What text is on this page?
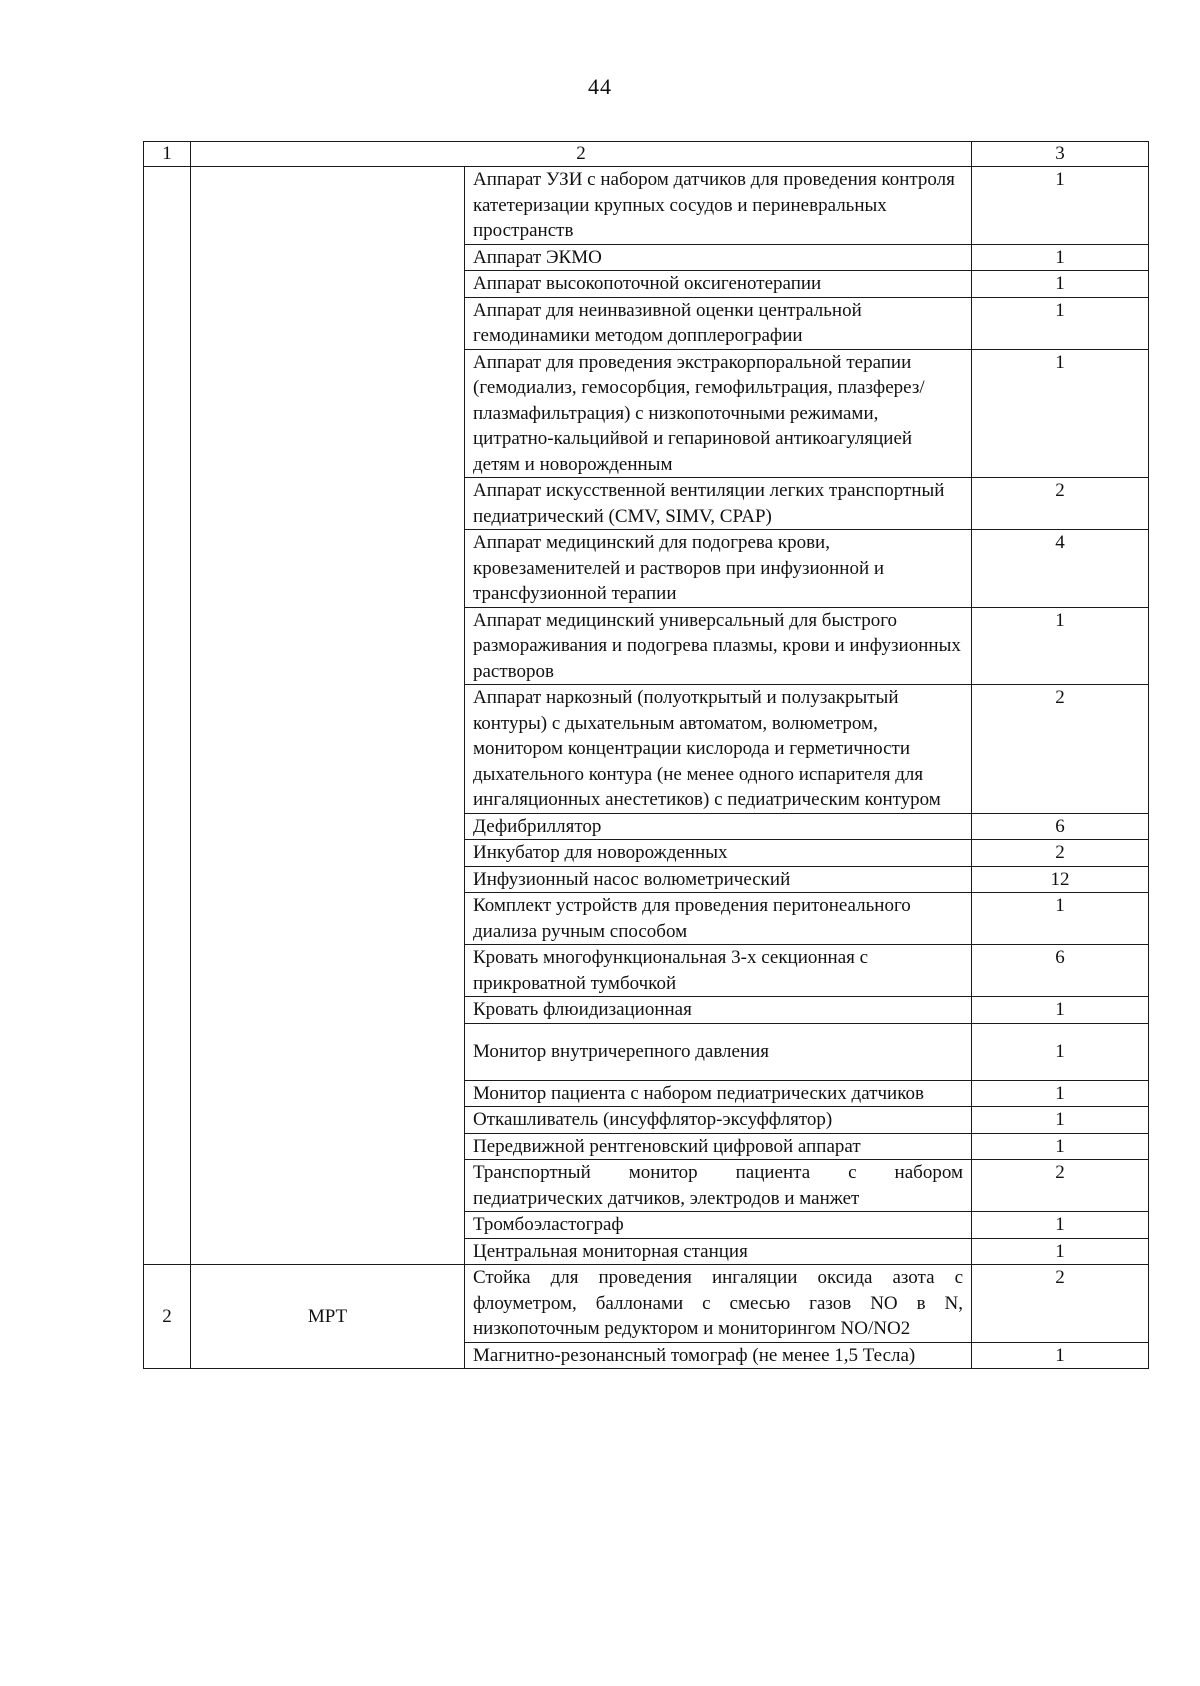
44
1	2		3
		Аппарат УЗИ с набором датчиков для проведения контроля катетеризации крупных сосудов и периневральных пространств	1
		Аппарат ЭКМО	1
		Аппарат высокопоточной оксигенотерапии	1
		Аппарат для неинвазивной оценки центральной гемодинамики методом допплерографии	1
		Аппарат для проведения экстракорпоральной терапии (гемодиализ, гемосорбция, гемофильтрация, плазферез/плазмафильтрация) с низкопоточными режимами, цитратно-кальцийвой и гепариновой антикоагуляцией детям и новорожденным	1
		Аппарат искусственной вентиляции легких транспортный педиатрический (CMV, SIMV, CPAP)	2
		Аппарат медицинский для подогрева крови, кровезаменителей и растворов при инфузионной и трансфузионной терапии	4
		Аппарат медицинский универсальный для быстрого размораживания и подогрева плазмы, крови и инфузионных растворов	1
		Аппарат наркозный (полуоткрытый и полузакрытый контуры) с дыхательным автоматом, волюметром, монитором концентрации кислорода и герметичности дыхательного контура (не менее одного испарителя для ингаляционных анестетиков) с педиатрическим контуром	2
		Дефибриллятор	6
		Инкубатор для новорожденных	2
		Инфузионный насос волюметрический	12
		Комплект устройств для проведения перитонеального диализа ручным способом	1
		Кровать многофункциональная 3-х секционная с прикроватной тумбочкой	6
		Кровать флюидизационная	1
		Монитор внутричерепного давления	1
		Монитор пациента с набором педиатрических датчиков	1
		Откашливатель (инсуффлятор-эксуффлятор)	1
		Передвижной рентгеновский цифровой аппарат	1
		Транспортный монитор пациента с набором педиатрических датчиков, электродов и манжет	2
		Тромбоэластограф	1
		Центральная мониторная станция	1
2	МРТ	Стойка для проведения ингаляции оксида азота с флоуметром, баллонами с смесью газов NO в N, низкопоточным редуктором и мониторингом NO/NO2	2
		Магнитно-резонансный томограф (не менее 1,5 Тесла)	1
